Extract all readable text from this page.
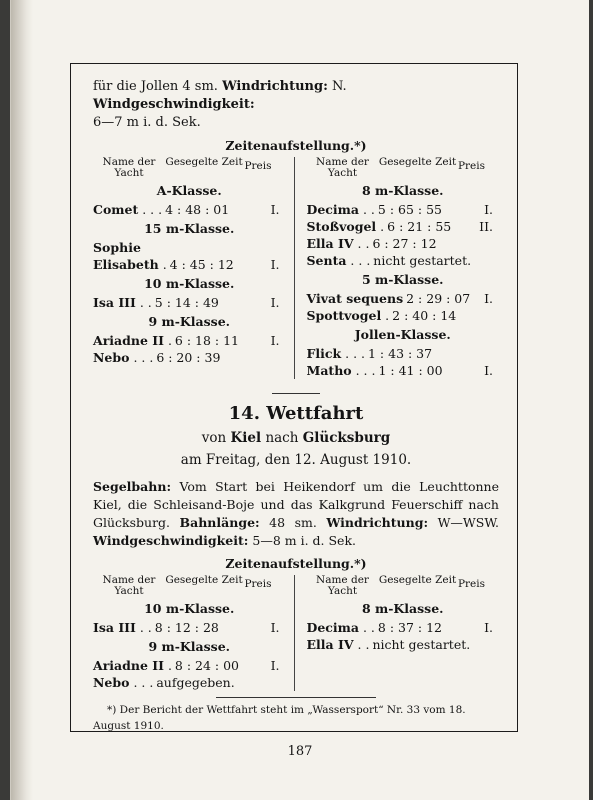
für die Jollen 4 sm. Windrichtung: N. Windgeschwindigkeit:

6—7 m i. d. Sek.

Zeitenaufstellung.*)
Name der Yacht
Gesegelte Zeit Preis
A-Klasse.
Comet . . . 4 : 48 : 01	I.
15 m-Klasse.
Sophie
Elisabeth . 4 : 45 : 12	I.
10 m-Klasse.
Isa III . . 5 : 14 : 49	I.
9 m-Klasse.
Ariadne II . 6 : 18 : 11	I.
Nebo . . . 6 : 20 : 39
Name der Yacht
Gesegelte Zeit Preis
8 m-Klasse.
Decima . . 5 : 65 : 55	I.
Stoßvogel . 6 : 21 : 55 II.
Ella IV . . 6 : 27 : 12
Senta . . . nicht gestartet.
5 m-Klasse.
Vivat sequens 2 : 29 : 07 I.
Spottvogel . 2 : 40 : 14
Jollen-Klasse.
Flick . . . 1 : 43 : 37
Matho . . . 1 : 41 : 00	I.

14. Wettfahrt

von Kiel nach Glücksburg

am Freitag, den 12. August 1910.

Segelbahn: Vom Start bei Heikendorf um die Leuchttonne Kiel, die Schleisand-Boje und das Kalkgrund Feuerschiff nach Glücksburg. Bahnlänge: 48 sm. Windrichtung: W—WSW. Windgeschwindigkeit: 5—8 m i. d. Sek.

Zeitenaufstellung.*)
Name der Yacht
Gesegelte Zeit Preis
10 m-Klasse.
Isa III . . 8 : 12 : 28	I.
9 m-Klasse.
Ariadne II . 8 : 24 : 00	I.
Nebo . . . aufgegeben.
Name der Yacht
Gesegelte Zeit Preis
8 m-Klasse.
Decima . . 8 : 37 : 12	I.
Ella IV . . nicht gestartet.

*) Der Bericht der Wettfahrt steht im „Wassersport“ Nr. 33 vom 18. August 1910.

187
